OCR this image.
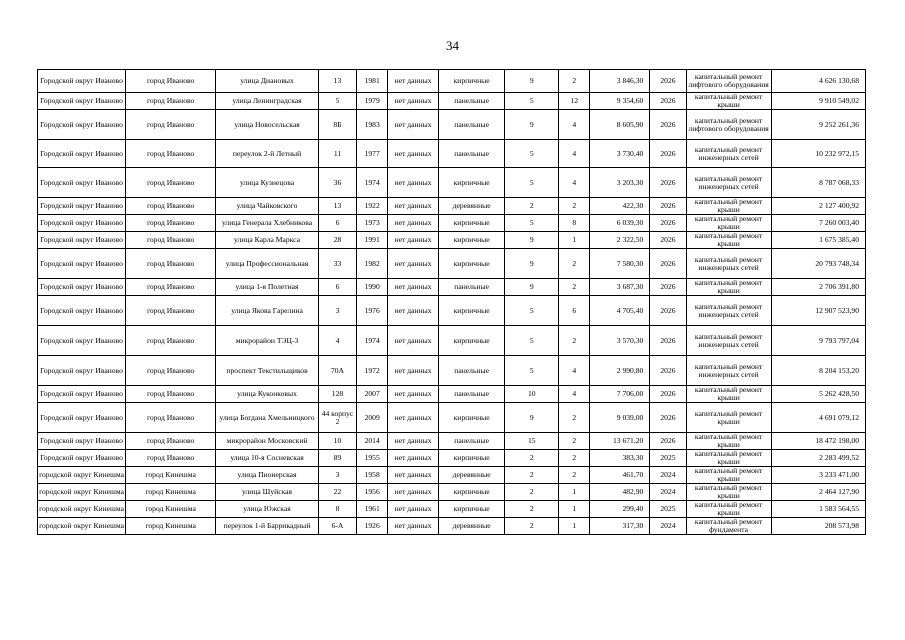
34
Городской округ Иваново	город Иваново	улица Диановых	13	1981	нет данных	кирпичные	9	2	3 846,30	2026	капитальный ремонт лифтового оборудования	4 626 130,68
Городской округ Иваново	город Иваново	улица Ленинградская	5	1979	нет данных	панельные	5	12	9 354,60	2026	капитальный ремонт крыши	9 910 549,02
Городской округ Иваново	город Иваново	улица Новосельская	8Б	1983	нет данных	панельные	9	4	8 605,90	2026	капитальный ремонт лифтового оборудования	9 252 261,36
Городской округ Иваново	город Иваново	переулок 2-й Летный	11	1977	нет данных	панельные	5	4	3 730,40	2026	капитальный ремонт инженерных сетей	10 232 972,15
Городской округ Иваново	город Иваново	улица Кузнецова	36	1974	нет данных	кирпичные	5	4	3 203,30	2026	капитальный ремонт инженерных сетей	8 787 068,33
Городской округ Иваново	город Иваново	улица Чайковского	13	1922	нет данных	деревянные	2	2	422,30	2026	капитальный ремонт крыши	2 127 400,92
Городской округ Иваново	город Иваново	улица Генерала Хлебникова	6	1973	нет данных	кирпичные	5	8	6 039,30	2026	капитальный ремонт крыши	7 260 003,40
Городской округ Иваново	город Иваново	улица Карла Маркса	28	1991	нет данных	кирпичные	9	1	2 322,50	2026	капитальный ремонт крыши	1 675 385,40
Городской округ Иваново	город Иваново	улица Профессиональная	33	1982	нет данных	кирпичные	9	2	7 580,30	2026	капитальный ремонт инженерных сетей	20 793 748,34
Городской округ Иваново	город Иваново	улица 1-я Полетная	6	1990	нет данных	панельные	9	2	3 687,30	2026	капитальный ремонт крыши	2 706 391,80
Городской округ Иваново	город Иваново	улица Якова Гарелина	3	1976	нет данных	кирпичные	5	6	4 705,40	2026	капитальный ремонт инженерных сетей	12 907 523,90
Городской округ Иваново	город Иваново	микрорайон ТЭЦ-3	4	1974	нет данных	кирпичные	5	2	3 570,30	2026	капитальный ремонт инженерных сетей	9 793 797,04
Городской округ Иваново	город Иваново	проспект Текстильщиков	70А	1972	нет данных	панельные	5	4	2 990,80	2026	капитальный ремонт инженерных сетей	8 204 153,20
Городской округ Иваново	город Иваново	улица Куконковых	128	2007	нет данных	панельные	10	4	7 706,00	2026	капитальный ремонт крыши	5 262 428,50
Городской округ Иваново	город Иваново	улица Богдана Хмельницкого	44 корпус 2	2009	нет данных	кирпичные	9	2	9 039,00	2026	капитальный ремонт крыши	4 691 079,12
Городской округ Иваново	город Иваново	микрорайон Московский	10	2014	нет данных	панельные	15	2	13 671,20	2026	капитальный ремонт крыши	18 472 198,00
Городской округ Иваново	город Иваново	улица 10-я Сосневская	89	1955	нет данных	кирпичные	2	2	383,30	2025	капитальный ремонт крыши	2 283 499,52
городской округ Кинешма	город Кинешма	улица Пионерская	3	1958	нет данных	деревянные	2	2	461,70	2024	капитальный ремонт крыши	3 233 471,00
городской округ Кинешма	город Кинешма	улица Шуйская	22	1956	нет данных	кирпичные	2	1	482,90	2024	капитальный ремонт крыши	2 464 127,90
городской округ Кинешма	город Кинешма	улица Южская	8	1961	нет данных	кирпичные	2	1	299,40	2025	капитальный ремонт крыши	1 583 564,55
городской округ Кинешма	город Кинешма	переулок 1-й Баррикадный	6-А	1926	нет данных	деревянные	2	1	317,30	2024	капитальный ремонт фундамента	208 573,98
